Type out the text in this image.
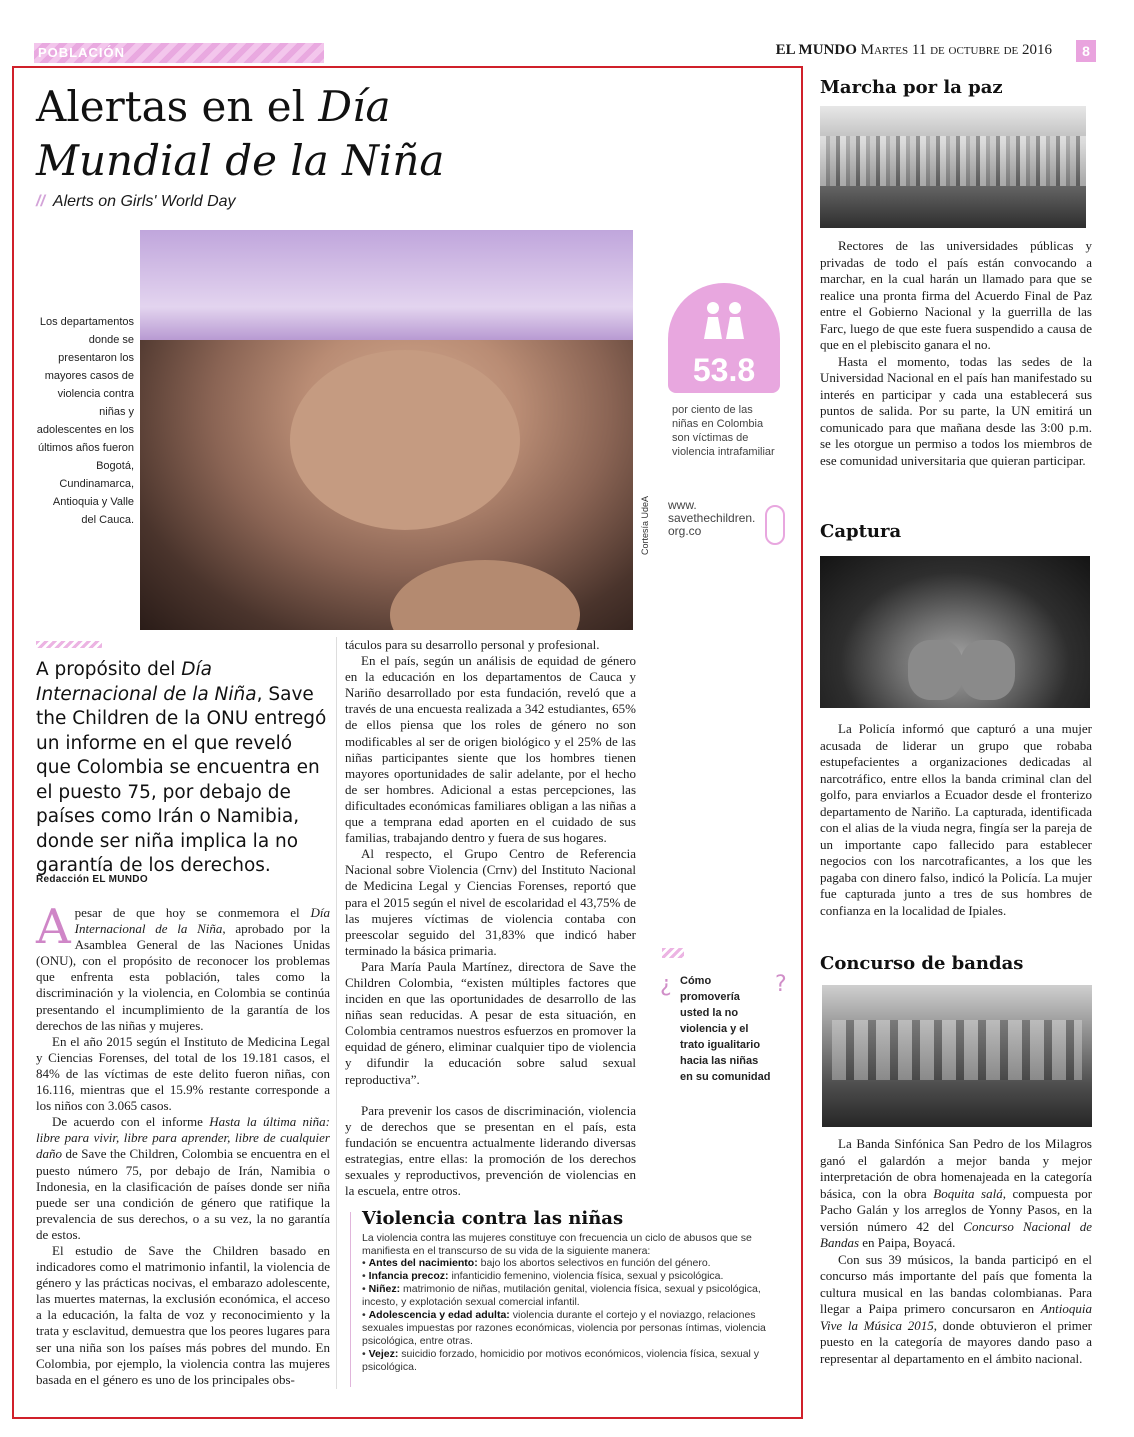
POBLACIÓN	EL MUNDO Martes 11 de octubre de 2016	8
Alertas en el Día
Mundial de la Niña
// Alerts on Girls' World Day
Cortesía UdeA
Los departamentos donde se presentaron los mayores casos de violencia contra niñas y adolescentes en los últimos años fueron Bogotá, Cundinamarca, Antioquia y Valle del Cauca.
53.8
por ciento de las niñas en Colombia son víctimas de violencia intrafamiliar
www. savethechildren. org.co
A propósito del Día Internacional de la Niña, Save the Children de la ONU entregó un informe en el que reveló que Colombia se encuentra en el puesto 75, por debajo de países como Irán o Namibia, donde ser niña implica la no garantía de los derechos.
Redacción EL MUNDO

Apesar de que hoy se conmemora el Día Internacional de la Niña, aprobado por la Asamblea General de las Naciones Unidas (ONU), con el propósito de reconocer los problemas que enfrenta esta población, tales como la discriminación y la violencia, en Colombia se continúa presentando el incumplimiento de la garantía de los derechos de las niñas y mujeres.

En el año 2015 según el Instituto de Medicina Legal y Ciencias Forenses, del total de los 19.181 casos, el 84% de las víctimas de este delito fueron niñas, con 16.116, mientras que el 15.9% restante corresponde a los niños con 3.065 casos.

De acuerdo con el informe Hasta la última niña: libre para vivir, libre para aprender, libre de cualquier daño de Save the Children, Colombia se encuentra en el puesto número 75, por debajo de Irán, Namibia o Indonesia, en la clasificación de países donde ser niña puede ser una condición de género que ratifique la prevalencia de sus derechos, o a su vez, la no garantía de estos.

El estudio de Save the Children basado en indicadores como el matrimonio infantil, la violencia de género y las prácticas nocivas, el embarazo adolescente, las muertes maternas, la exclusión económica, el acceso a la educación, la falta de voz y reconocimiento y la trata y esclavitud, demuestra que los peores lugares para ser una niña son los países más pobres del mundo. En Colombia, por ejemplo, la violencia contra las mujeres basada en el género es uno de los principales obs-

táculos para su desarrollo personal y profesional.

En el país, según un análisis de equidad de género en la educación en los departamentos de Cauca y Nariño desarrollado por esta fundación, reveló que a través de una encuesta realizada a 342 estudiantes, 65% de ellos piensa que los roles de género no son modificables al ser de origen biológico y el 25% de las niñas participantes siente que los hombres tienen mayores oportunidades de salir adelante, por el hecho de ser hombres. Adicional a estas percepciones, las dificultades económicas familiares obligan a las niñas a que a temprana edad aporten en el cuidado de sus familias, trabajando dentro y fuera de sus hogares.

Al respecto, el Grupo Centro de Referencia Nacional sobre Violencia (Crnv) del Instituto Nacional de Medicina Legal y Ciencias Forenses, reportó que para el 2015 según el nivel de escolaridad el 43,75% de las mujeres víctimas de violencia contaba con preescolar seguido del 31,83% que indicó haber terminado la básica primaria.

Para María Paula Martínez, directora de Save the Children Colombia, “existen múltiples factores que inciden en que las oportunidades de desarrollo de las niñas sean reducidas. A pesar de esta situación, en Colombia centramos nuestros esfuerzos en promover la equidad de género, eliminar cualquier tipo de violencia y difundir la educación sobre salud sexual reproductiva”.

Para prevenir los casos de discriminación, violencia y de derechos que se presentan en el país, esta fundación se encuentra actualmente liderando diversas estrategias, entre ellas: la promoción de los derechos sexuales y reproductivos, prevención de violencias en la escuela, entre otros.

¿ Cómo promovería usted la no violencia y el trato igualitario hacia las niñas en su comunidad
?
Violencia contra las niñas
La violencia contra las mujeres constituye con frecuencia un ciclo de abusos que se manifiesta en el transcurso de su vida de la siguiente manera:
• Antes del nacimiento: bajo los abortos selectivos en función del género.
• Infancia precoz: infanticidio femenino, violencia física, sexual y psicológica.
• Niñez: matrimonio de niñas, mutilación genital, violencia física, sexual y psicológica, incesto, y explotación sexual comercial infantil.
• Adolescencia y edad adulta: violencia durante el cortejo y el noviazgo, relaciones sexuales impuestas por razones económicas, violencia por personas íntimas, violencia psicológica, entre otras.
• Vejez: suicidio forzado, homicidio por motivos económicos, violencia física, sexual y psicológica.
Marcha por la paz

Rectores de las universidades públicas y privadas de todo el país están convocando a marchar, en la cual harán un llamado para que se realice una pronta firma del Acuerdo Final de Paz entre el Gobierno Nacional y la guerrilla de las Farc, luego de que este fuera suspendido a causa de que en el plebiscito ganara el no.

Hasta el momento, todas las sedes de la Universidad Nacional en el país han manifestado su interés en participar y cada una establecerá sus puntos de salida. Por su parte, la UN emitirá un comunicado para que mañana desde las 3:00 p.m. se les otorgue un permiso a todos los miembros de ese comunidad universitaria que quieran participar.

Captura

La Policía informó que capturó a una mujer acusada de liderar un grupo que robaba estupefacientes a organizaciones dedicadas al narcotráfico, entre ellos la banda criminal clan del golfo, para enviarlos a Ecuador desde el fronterizo departamento de Nariño. La capturada, identificada con el alias de la viuda negra, fingía ser la pareja de un importante capo fallecido para establecer negocios con los narcotraficantes, a los que les pagaba con dinero falso, indicó la Policía. La mujer fue capturada junto a tres de sus hombres de confianza en la localidad de Ipiales.

Concurso de bandas

La Banda Sinfónica San Pedro de los Milagros ganó el galardón a mejor banda y mejor interpretación de obra homenajeada en la categoría básica, con la obra Boquita salá, compuesta por Pacho Galán y los arreglos de Yonny Pasos, en la versión número 42 del Concurso Nacional de Bandas en Paipa, Boyacá.

Con sus 39 músicos, la banda participó en el concurso más importante del país que fomenta la cultura musical en las bandas colombianas. Para llegar a Paipa primero concursaron en Antioquia Vive la Música 2015, donde obtuvieron el primer puesto en la categoría de mayores dando paso a representar al departamento en el ámbito nacional.
